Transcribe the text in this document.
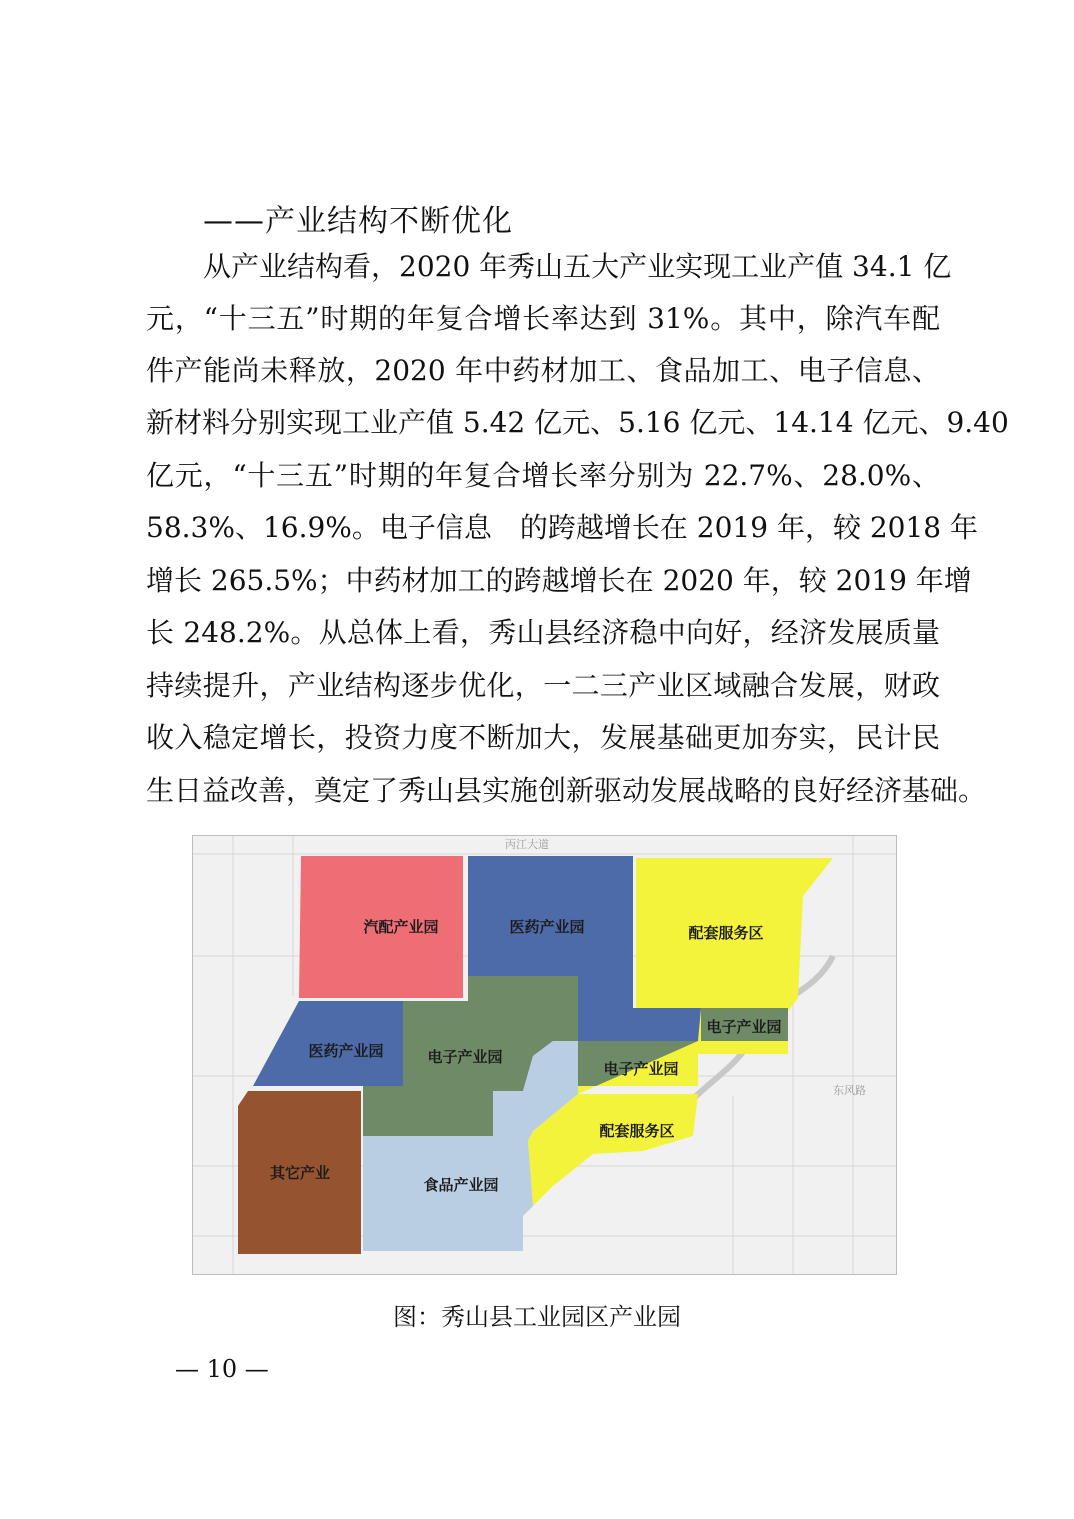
——产业结构不断优化
从产业结构看，2020 年秀山五大产业实现工业产值 34.1 亿
元，“十三五”时期的年复合增长率达到 31%。其中，除汽车配
件产能尚未释放，2020 年中药材加工、食品加工、电子信息、
新材料分别实现工业产值 5.42 亿元、5.16 亿元、14.14 亿元、9.40
亿元，“十三五”时期的年复合增长率分别为 22.7%、28.0%、
58.3%、16.9%。电子信息　的跨越增长在 2019 年，较 2018 年
增长 265.5%；中药材加工的跨越增长在 2020 年，较 2019 年增
长 248.2%。从总体上看，秀山县经济稳中向好，经济发展质量
持续提升，产业结构逐步优化，一二三产业区域融合发展，财政
收入稳定增长，投资力度不断加大，发展基础更加夯实，民计民
生日益改善，奠定了秀山县实施创新驱动发展战略的良好经济基础。
丙江大道
东风路
汽配产业园	医药产业园	配套服务区
电子产业园
医药产业园	电子产业园
电子产业园
配套服务区
其它产业
食品产业园
图：秀山县工业园区产业园
— 10 —
